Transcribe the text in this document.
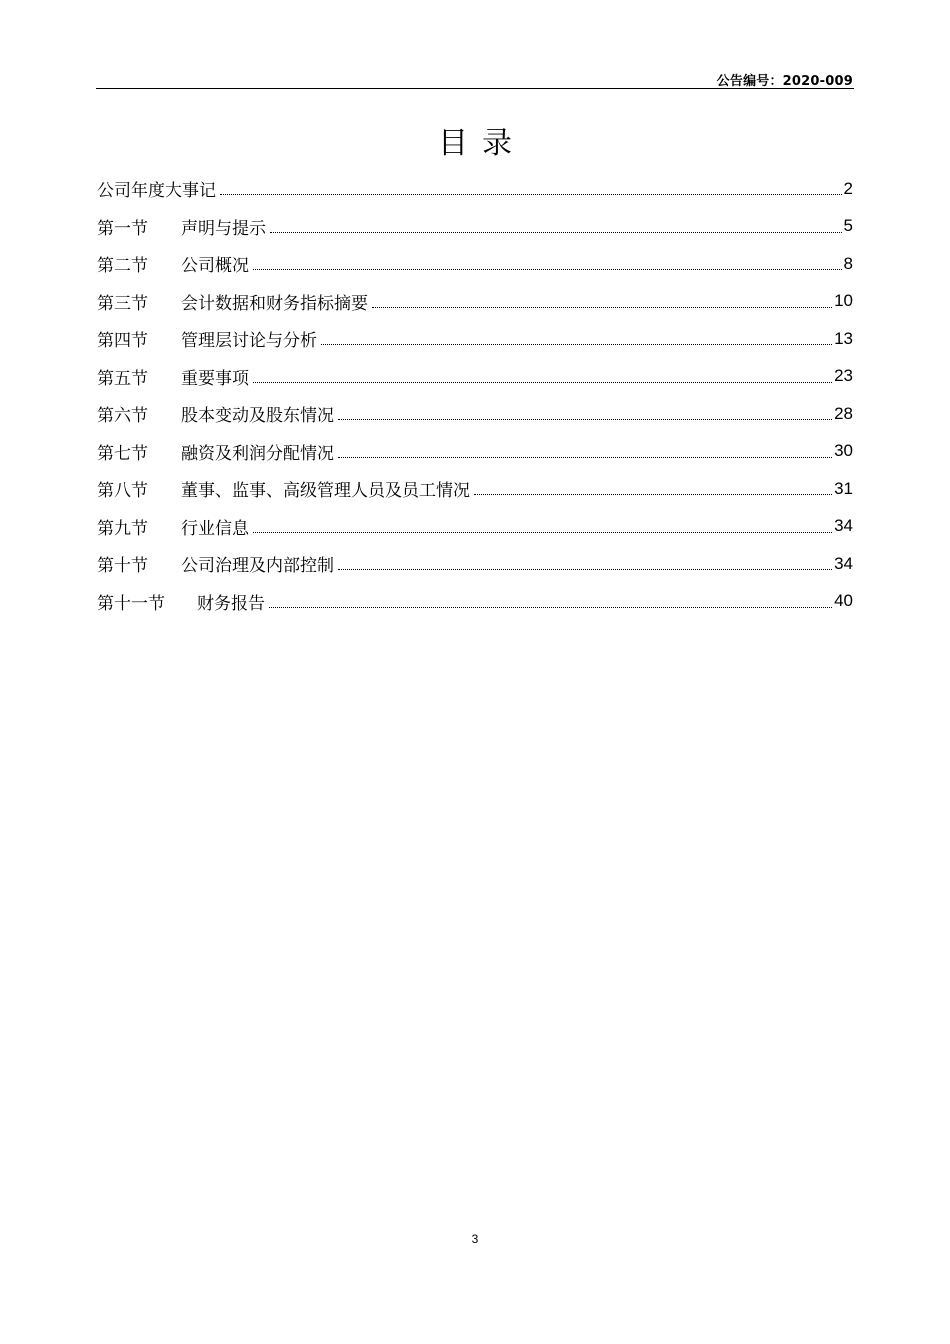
公告编号：2020-009
目录
公司年度大事记	2
第一节	声明与提示	5
第二节	公司概况	8
第三节	会计数据和财务指标摘要	10
第四节	管理层讨论与分析	13
第五节	重要事项	23
第六节	股本变动及股东情况	28
第七节	融资及利润分配情况	30
第八节	董事、监事、高级管理人员及员工情况	31
第九节	行业信息	34
第十节	公司治理及内部控制	34
第十一节	财务报告	40
3
